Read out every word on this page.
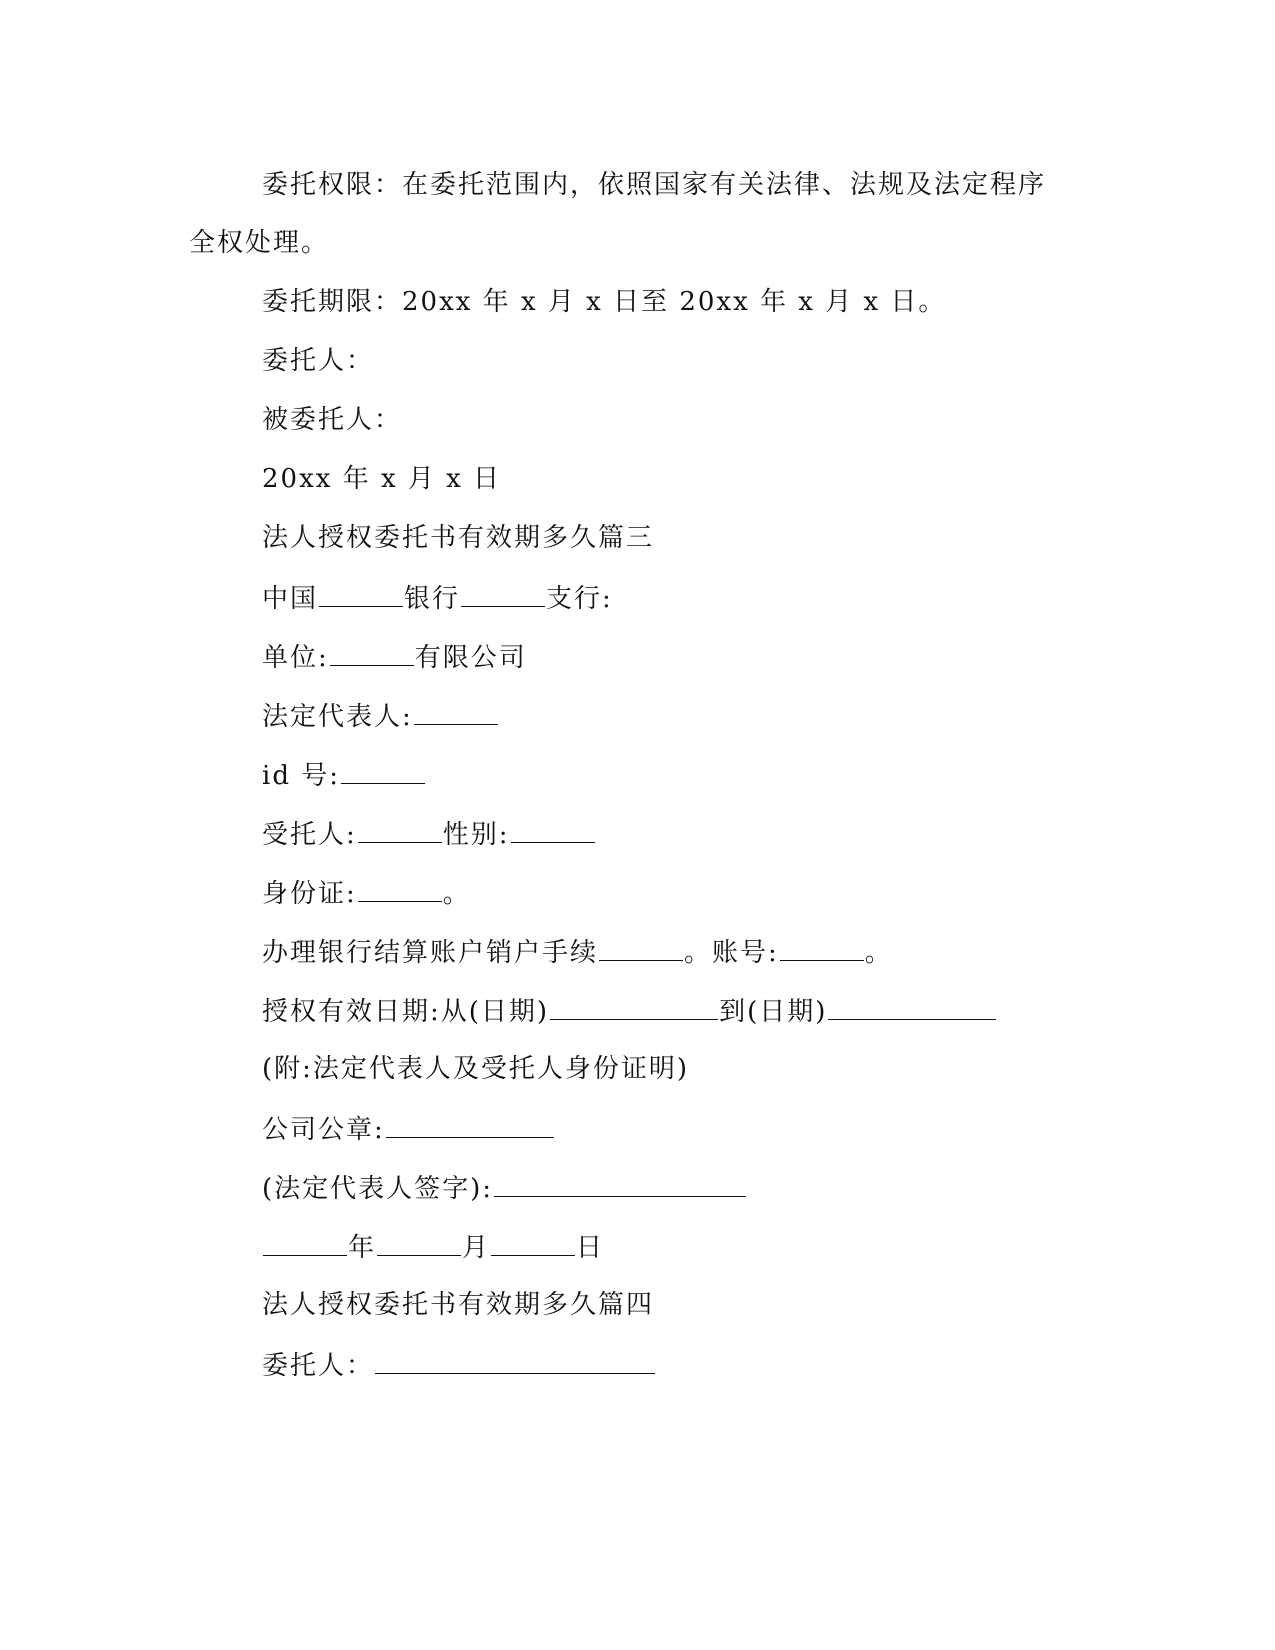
委托权限：在委托范围内，依照国家有关法律、法规及法定程序
全权处理。
委托期限：20xx 年 x 月 x 日至 20xx 年 x 月 x 日。
委托人：
被委托人：
20xx 年 x 月 x 日
法人授权委托书有效期多久篇三
中国	银行	支行:
单位:	有限公司
法定代表人:
id 号:
受托人:	性别:
身份证:	。
办理银行结算账户销户手续	。账号:	。
授权有效日期:从(日期)	到(日期)
(附:法定代表人及受托人身份证明)
公司公章:
(法定代表人签字):
年	月	日
法人授权委托书有效期多久篇四
委托人：
